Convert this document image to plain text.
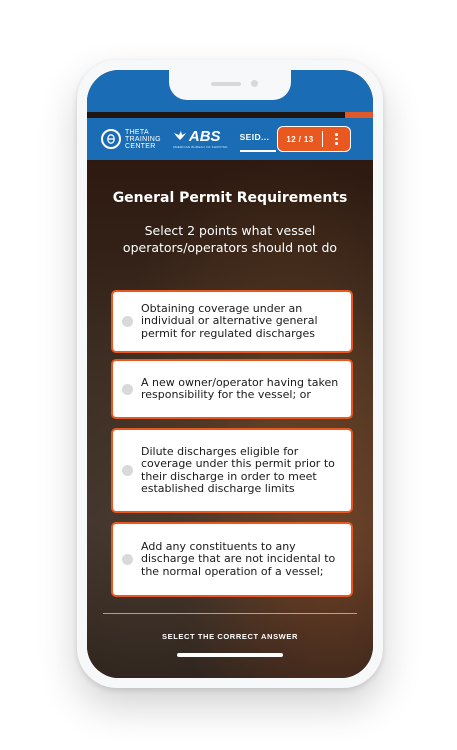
THETA
TRAINING
CENTER
ABS
AMERICAN BUREAU OF SHIPPING
SEID...	12 / 13
General Permit Requirements
Select 2 points what vessel operators/operators should not do
Obtaining coverage under an individual or alternative general permit for regulated discharges
A new owner/operator having taken responsibility for the vessel; or
Dilute discharges eligible for coverage under this permit prior to their discharge in order to meet established discharge limits
Add any constituents to any discharge that are not incidental to the normal operation of a vessel;
SELECT THE CORRECT ANSWER
